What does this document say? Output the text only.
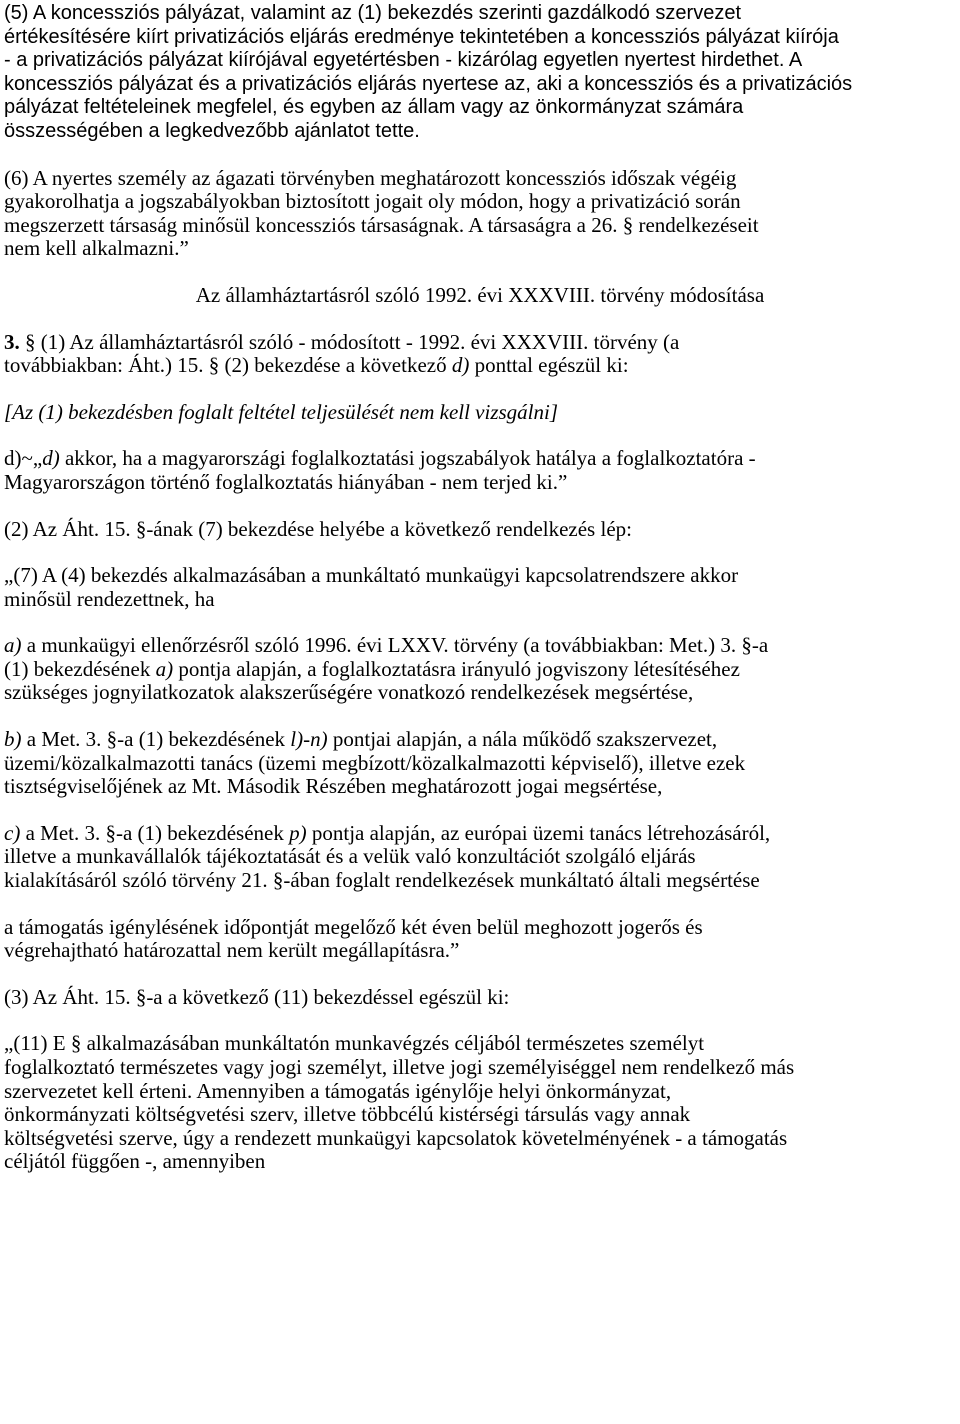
(5) A koncessziós pályázat, valamint az (1) bekezdés szerinti gazdálkodó szervezet

értékesítésére kiírt privatizációs eljárás eredménye tekintetében a koncessziós pályázat kiírója

- a privatizációs pályázat kiírójával egyetértésben - kizárólag egyetlen nyertest hirdethet. A

koncessziós pályázat és a privatizációs eljárás nyertese az, aki a koncessziós és a privatizációs

pályázat feltételeinek megfelel, és egyben az állam vagy az önkormányzat számára

összességében a legkedvezőbb ajánlatot tette.

(6) A nyertes személy az ágazati törvényben meghatározott koncessziós időszak végéig

gyakorolhatja a jogszabályokban biztosított jogait oly módon, hogy a privatizáció során

megszerzett társaság minősül koncessziós társaságnak. A társaságra a 26. § rendelkezéseit

nem kell alkalmazni.”

Az államháztartásról szóló 1992. évi XXXVIII. törvény módosítása

3. § (1) Az államháztartásról szóló - módosított - 1992. évi XXXVIII. törvény (a

továbbiakban: Áht.) 15. § (2) bekezdése a következő d) ponttal egészül ki:

[Az (1) bekezdésben foglalt feltétel teljesülését nem kell vizsgálni]

d)~„d) akkor, ha a magyarországi foglalkoztatási jogszabályok hatálya a foglalkoztatóra -

Magyarországon történő foglalkoztatás hiányában - nem terjed ki.”

(2) Az Áht. 15. §-ának (7) bekezdése helyébe a következő rendelkezés lép:

„(7) A (4) bekezdés alkalmazásában a munkáltató munkaügyi kapcsolatrendszere akkor

minősül rendezettnek, ha

a) a munkaügyi ellenőrzésről szóló 1996. évi LXXV. törvény (a továbbiakban: Met.) 3. §-a

(1) bekezdésének a) pontja alapján, a foglalkoztatásra irányuló jogviszony létesítéséhez

szükséges jognyilatkozatok alakszerűségére vonatkozó rendelkezések megsértése,

b) a Met. 3. §-a (1) bekezdésének l)-n) pontjai alapján, a nála működő szakszervezet,

üzemi/közalkalmazotti tanács (üzemi megbízott/közalkalmazotti képviselő), illetve ezek

tisztségviselőjének az Mt. Második Részében meghatározott jogai megsértése,

c) a Met. 3. §-a (1) bekezdésének p) pontja alapján, az európai üzemi tanács létrehozásáról,

illetve a munkavállalók tájékoztatását és a velük való konzultációt szolgáló eljárás

kialakításáról szóló törvény 21. §-ában foglalt rendelkezések munkáltató általi megsértése

a támogatás igénylésének időpontját megelőző két éven belül meghozott jogerős és

végrehajtható határozattal nem került megállapításra.”

(3) Az Áht. 15. §-a a következő (11) bekezdéssel egészül ki:

„(11) E § alkalmazásában munkáltatón munkavégzés céljából természetes személyt

foglalkoztató természetes vagy jogi személyt, illetve jogi személyiséggel nem rendelkező más

szervezetet kell érteni. Amennyiben a támogatás igénylője helyi önkormányzat,

önkormányzati költségvetési szerv, illetve többcélú kistérségi társulás vagy annak

költségvetési szerve, úgy a rendezett munkaügyi kapcsolatok követelményének - a támogatás

céljától függően -, amennyiben
